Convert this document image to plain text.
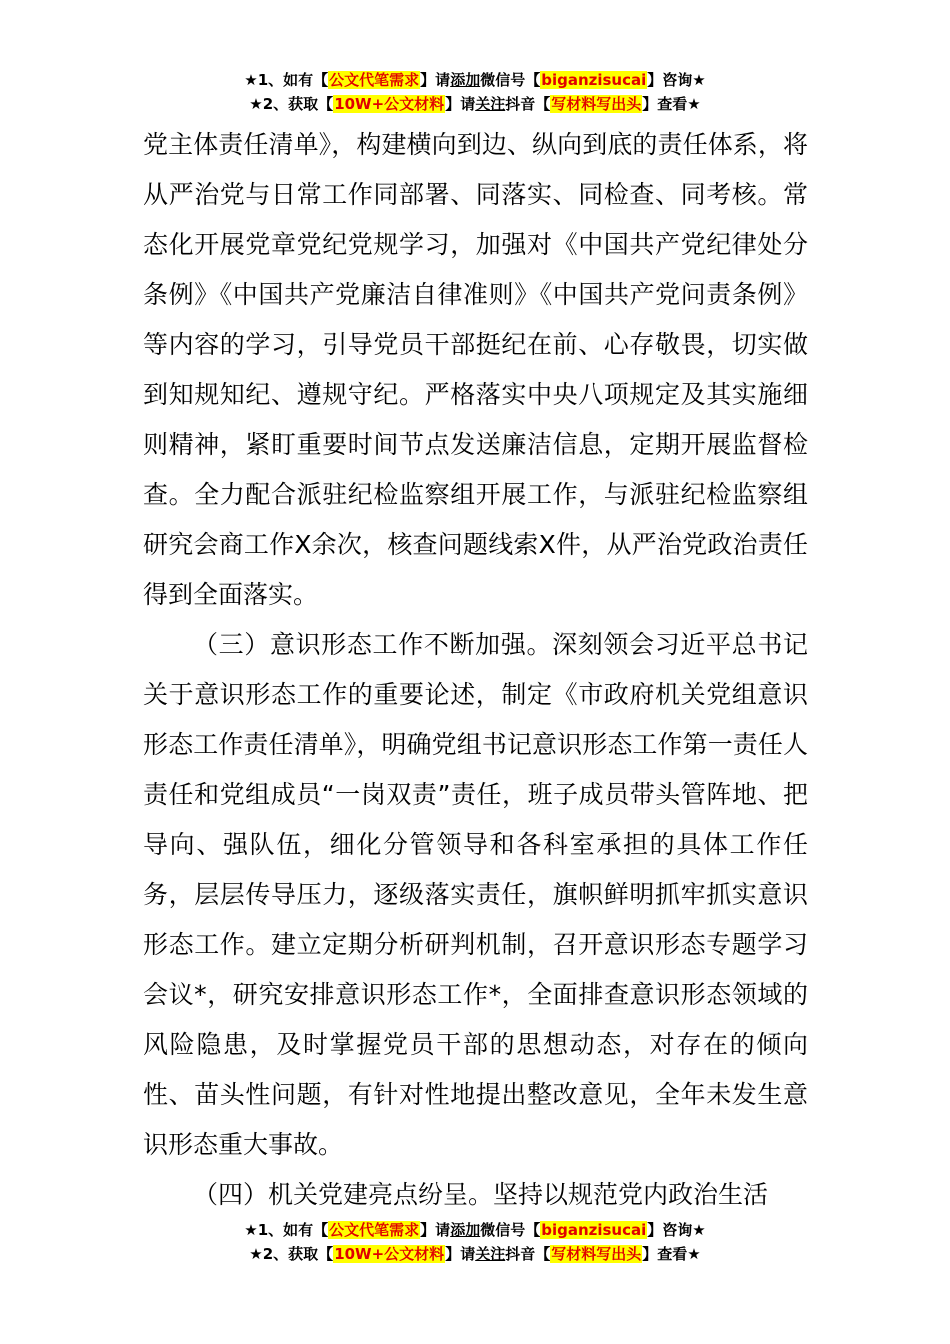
★1、如有【公文代笔需求】请添加微信号【biganzisucai】咨询★
★2、获取【10W+公文材料】请关注抖音【写材料写出头】查看★

党主体责任清单》，构建横向到边、纵向到底的责任体系，将从严治党与日常工作同部署、同落实、同检查、同考核。常态化开展党章党纪党规学习，加强对《中国共产党纪律处分条例》《中国共产党廉洁自律准则》《中国共产党问责条例》等内容的学习，引导党员干部挺纪在前、心存敬畏，切实做到知规知纪、遵规守纪。严格落实中央八项规定及其实施细则精神，紧盯重要时间节点发送廉洁信息，定期开展监督检查。全力配合派驻纪检监察组开展工作，与派驻纪检监察组研究会商工作X余次，核查问题线索X件，从严治党政治责任得到全面落实。

（三）意识形态工作不断加强。深刻领会习近平总书记关于意识形态工作的重要论述，制定《市政府机关党组意识形态工作责任清单》，明确党组书记意识形态工作第一责任人责任和党组成员“一岗双责”责任，班子成员带头管阵地、把导向、强队伍，细化分管领导和各科室承担的具体工作任务，层层传导压力，逐级落实责任，旗帜鲜明抓牢抓实意识形态工作。建立定期分析研判机制，召开意识形态专题学习会议*，研究安排意识形态工作*，全面排查意识形态领域的风险隐患，及时掌握党员干部的思想动态，对存在的倾向性、苗头性问题，有针对性地提出整改意见，全年未发生意识形态重大事故。

（四）机关党建亮点纷呈。坚持以规范党内政治生活

★1、如有【公文代笔需求】请添加微信号【biganzisucai】咨询★
★2、获取【10W+公文材料】请关注抖音【写材料写出头】查看★
